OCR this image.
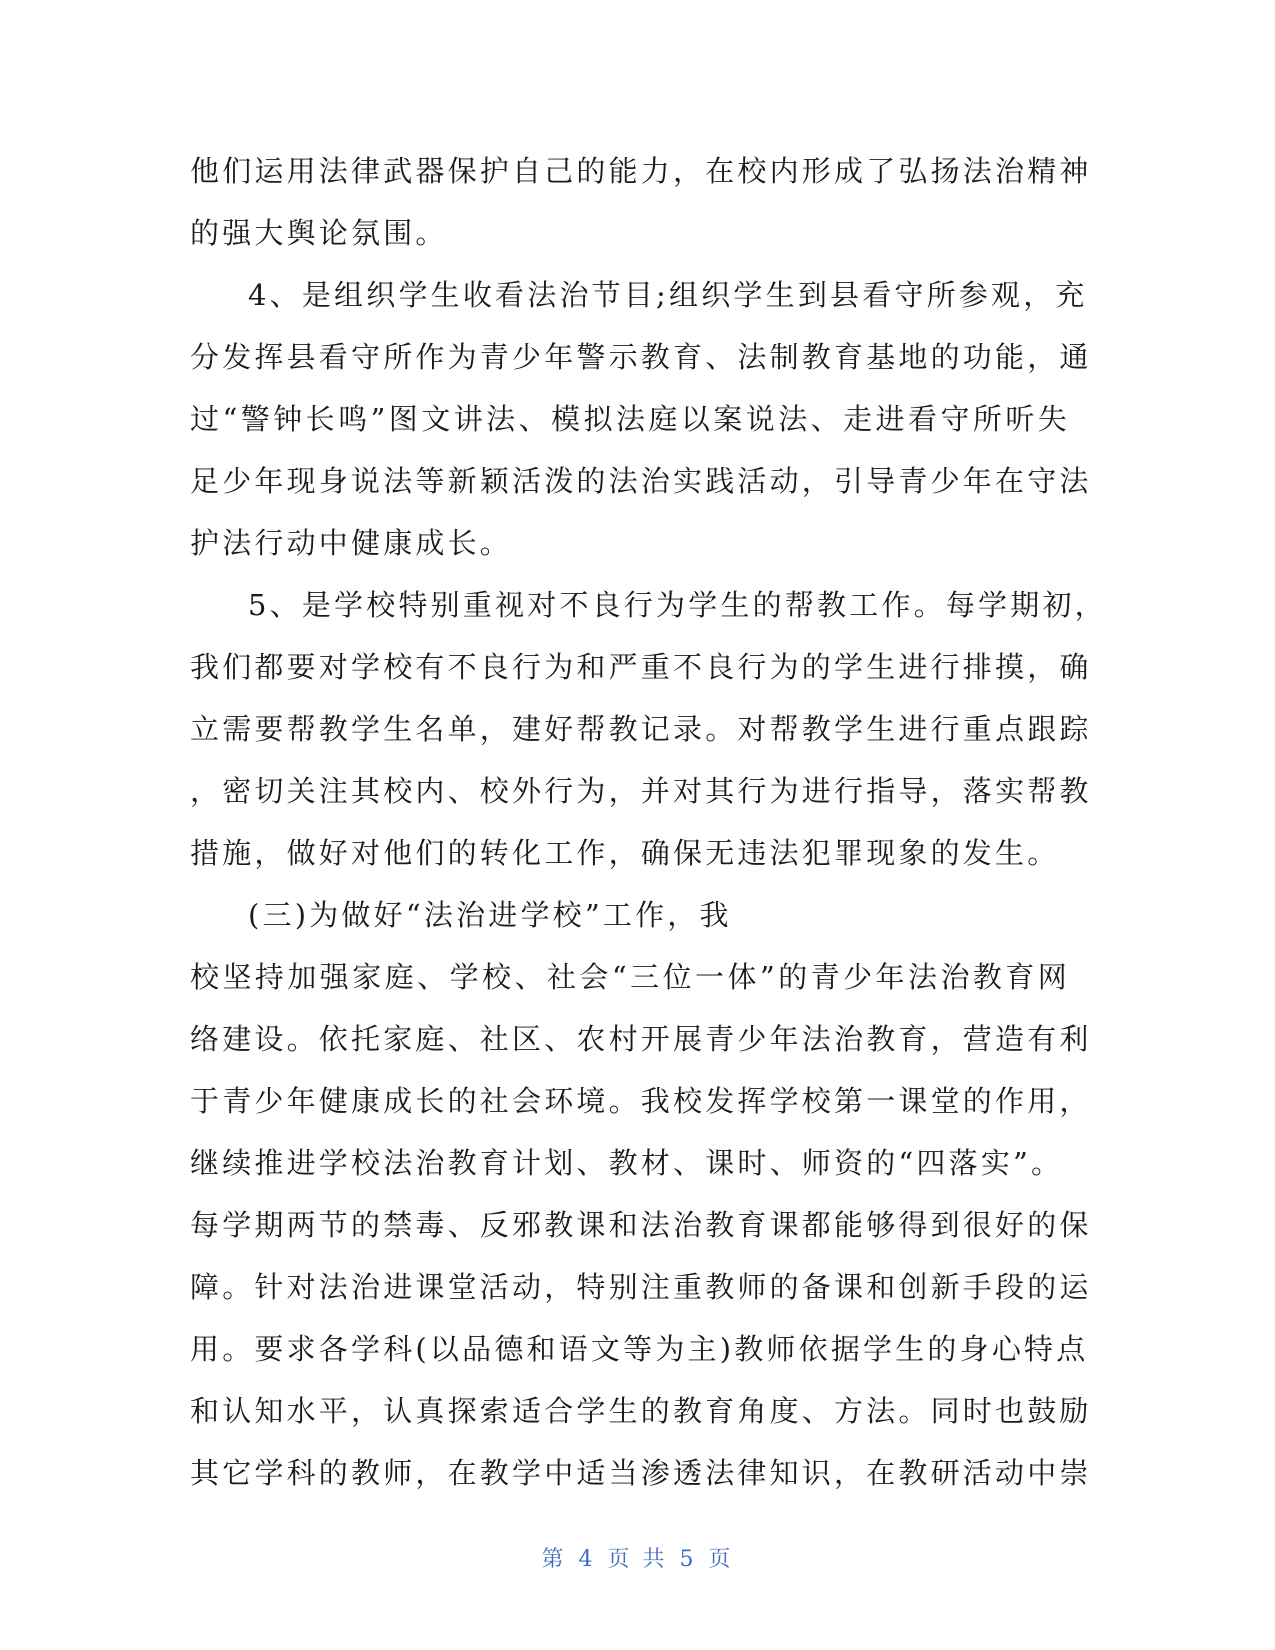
他们运用法律武器保护自己的能力，在校内形成了弘扬法治精神
的强大舆论氛围。
4、是组织学生收看法治节目;组织学生到县看守所参观，充
分发挥县看守所作为青少年警示教育、法制教育基地的功能，通
过“警钟长鸣”图文讲法、模拟法庭以案说法、走进看守所听失
足少年现身说法等新颖活泼的法治实践活动，引导青少年在守法
护法行动中健康成长。
5、是学校特别重视对不良行为学生的帮教工作。每学期初，
我们都要对学校有不良行为和严重不良行为的学生进行排摸，确
立需要帮教学生名单，建好帮教记录。对帮教学生进行重点跟踪
，密切关注其校内、校外行为，并对其行为进行指导，落实帮教
措施，做好对他们的转化工作，确保无违法犯罪现象的发生。
(三)为做好“法治进学校”工作，我
校坚持加强家庭、学校、社会“三位一体”的青少年法治教育网
络建设。依托家庭、社区、农村开展青少年法治教育，营造有利
于青少年健康成长的社会环境。我校发挥学校第一课堂的作用，
继续推进学校法治教育计划、教材、课时、师资的“四落实”。
每学期两节的禁毒、反邪教课和法治教育课都能够得到很好的保
障。针对法治进课堂活动，特别注重教师的备课和创新手段的运
用。要求各学科(以品德和语文等为主)教师依据学生的身心特点
和认知水平，认真探索适合学生的教育角度、方法。同时也鼓励
其它学科的教师，在教学中适当渗透法律知识，在教研活动中崇
第 4 页 共 5 页
